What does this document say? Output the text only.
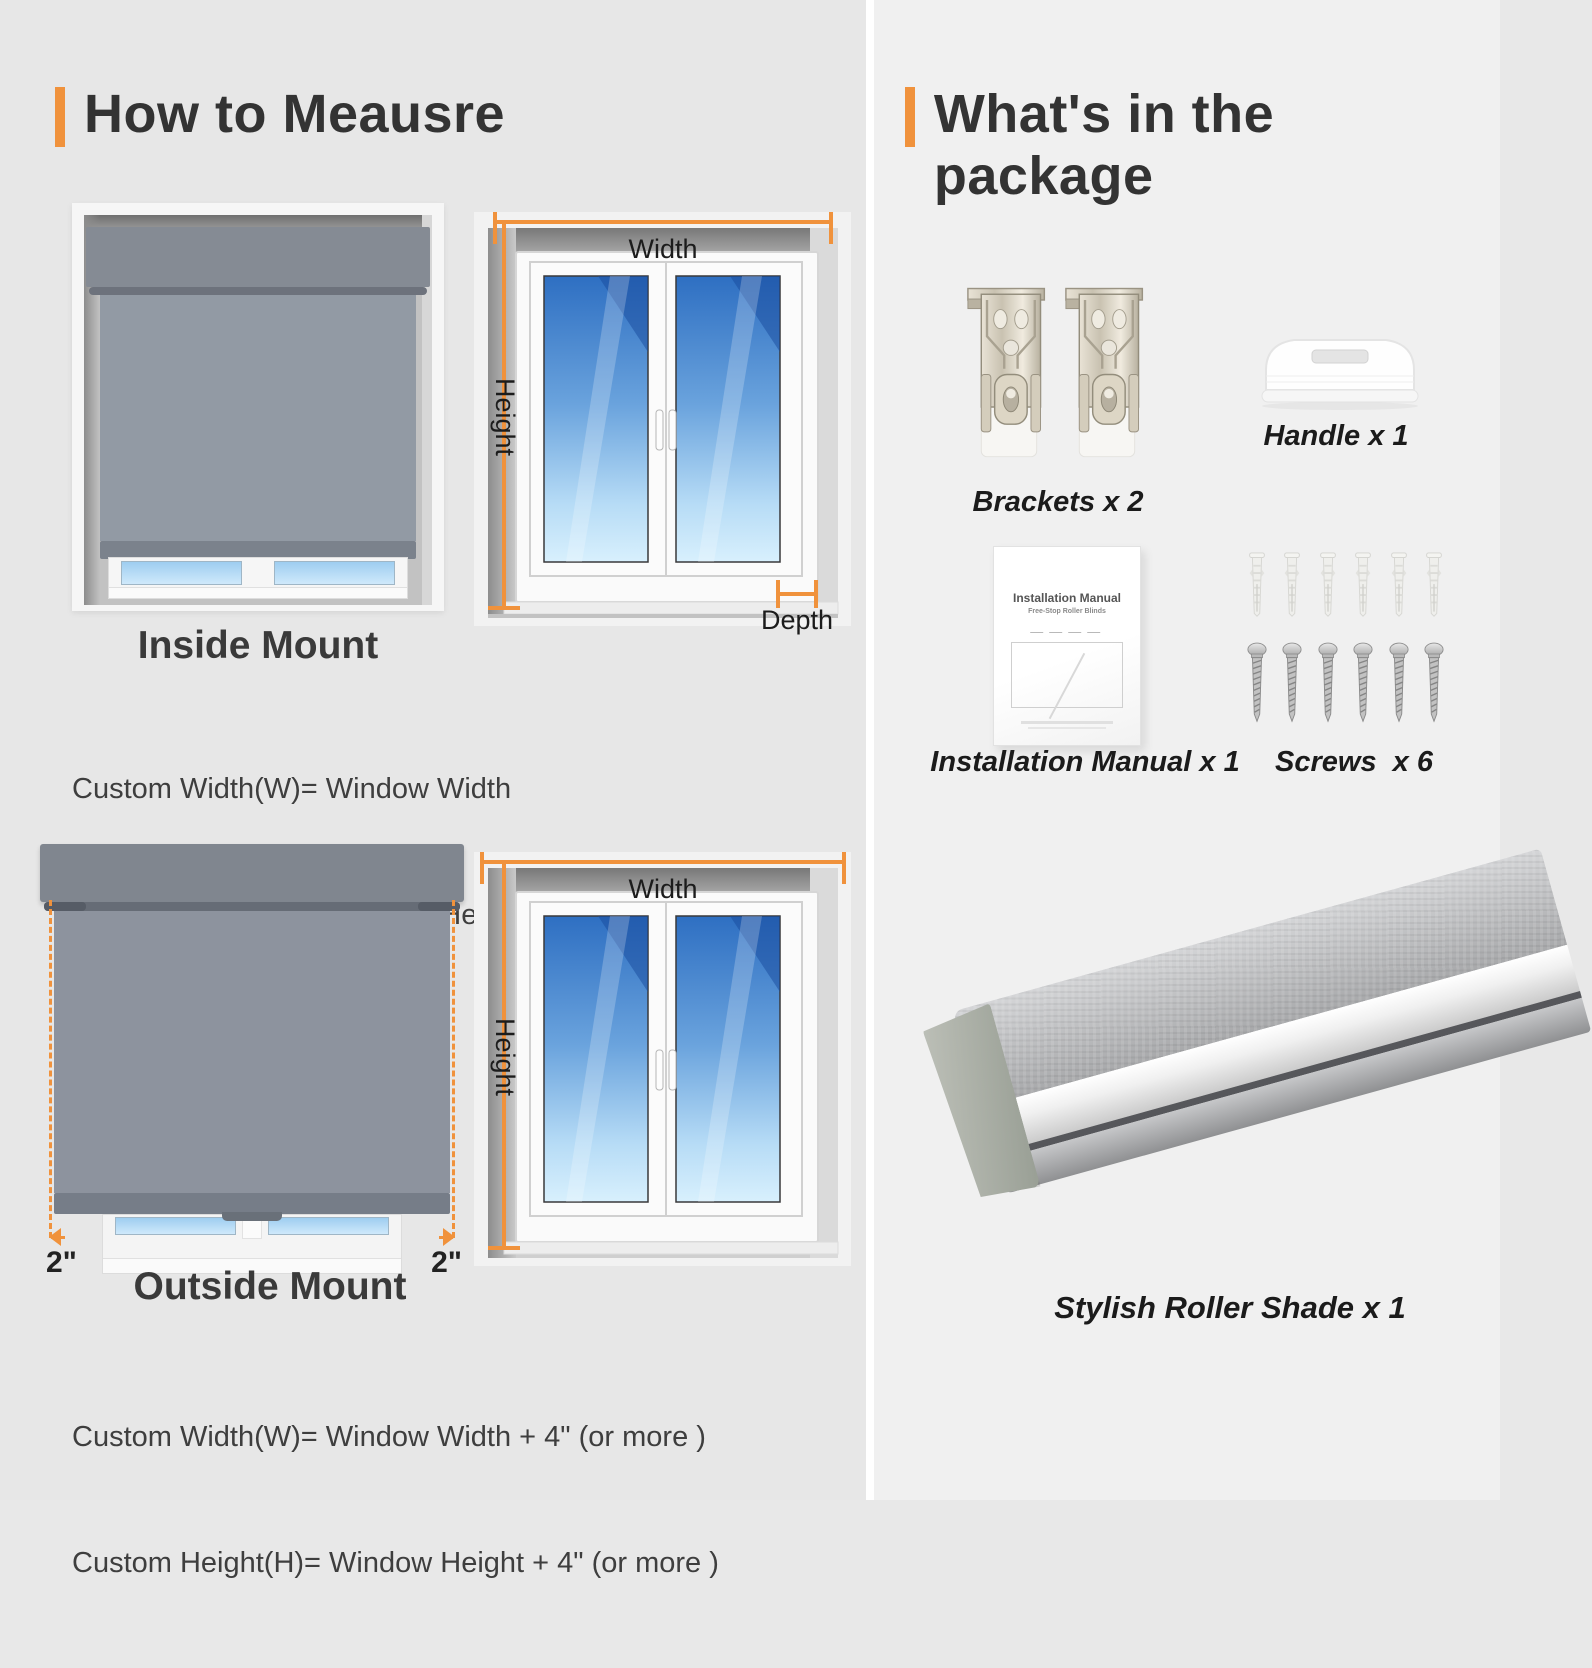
How to Meausre
Width
Height
Depth
Inside Mount

Custom Width(W)= Window Width

2"	2"
Width
Height
Outside Mount

Custom Width(W)= Window Width + 4" (or more )

Custom Height(H)= Window Height + 4" (or more )

What's in the package
Brackets x 2
Handle x 1
Installation Manual
Free-Stop Roller Blinds
Installation Manual x 1	Screws  x 6
Stylish Roller Shade x 1
